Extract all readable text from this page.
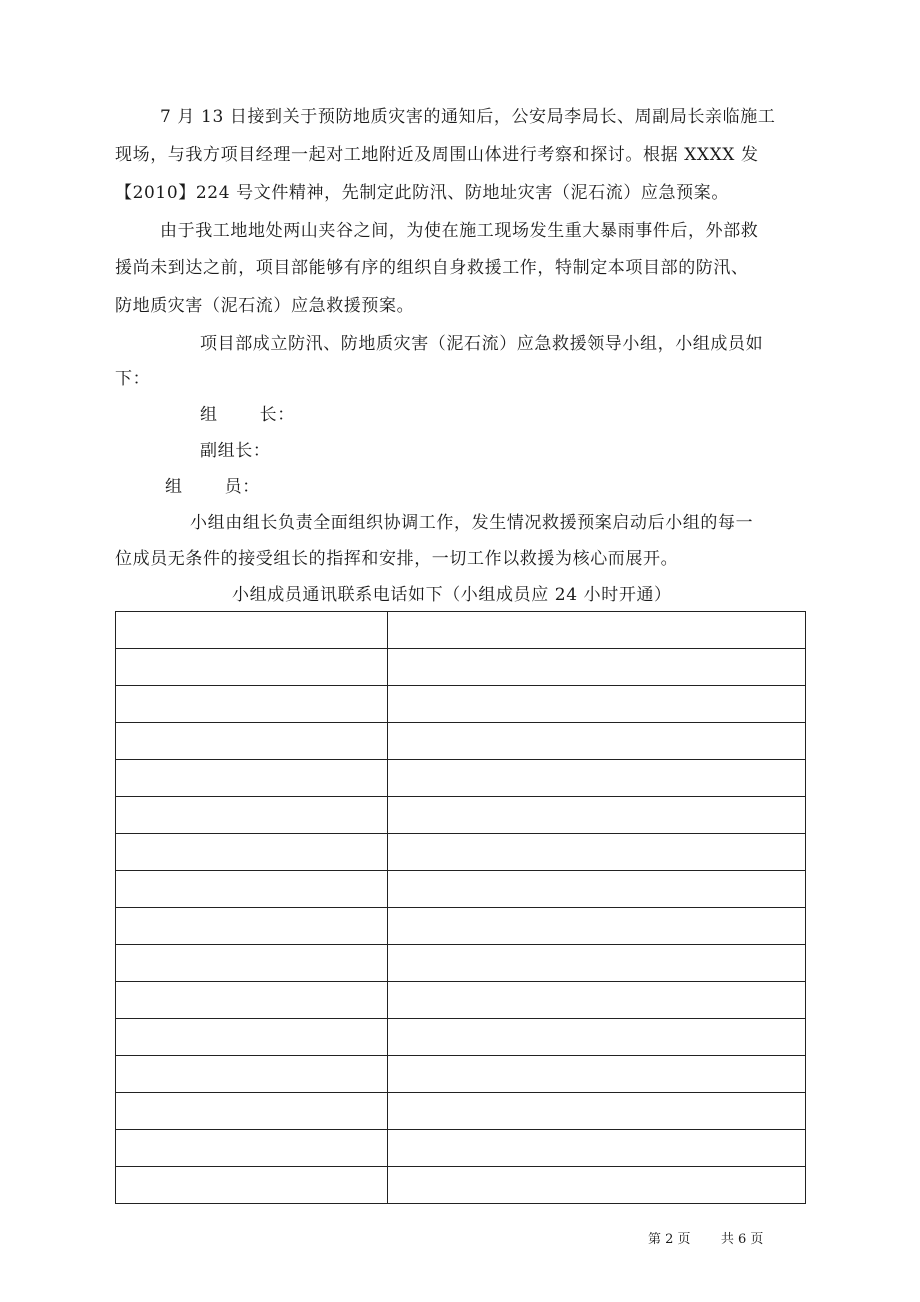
7 月 13 日接到关于预防地质灾害的通知后，公安局李局长、周副局长亲临施工
现场，与我方项目经理一起对工地附近及周围山体进行考察和探讨。根据 XXXX 发
【2010】224 号文件精神，先制定此防汛、防地址灾害（泥石流）应急预案。
由于我工地地处两山夹谷之间，为使在施工现场发生重大暴雨事件后，外部救
援尚未到达之前，项目部能够有序的组织自身救援工作，特制定本项目部的防汛、
防地质灾害（泥石流）应急救援预案。
项目部成立防汛、防地质灾害（泥石流）应急救援领导小组，小组成员如
下：
组 长 ：
副组长 ：
组 员 ：
小组由组长负责全面组织协调工作，发生情况救援预案启动后小组的每一
位成员无条件的接受组长的指挥和安排，一切工作以救援为核心而展开。
小组成员通讯联系电话如下（小组成员应 24 小时开通）

第 2 页 共 6 页
